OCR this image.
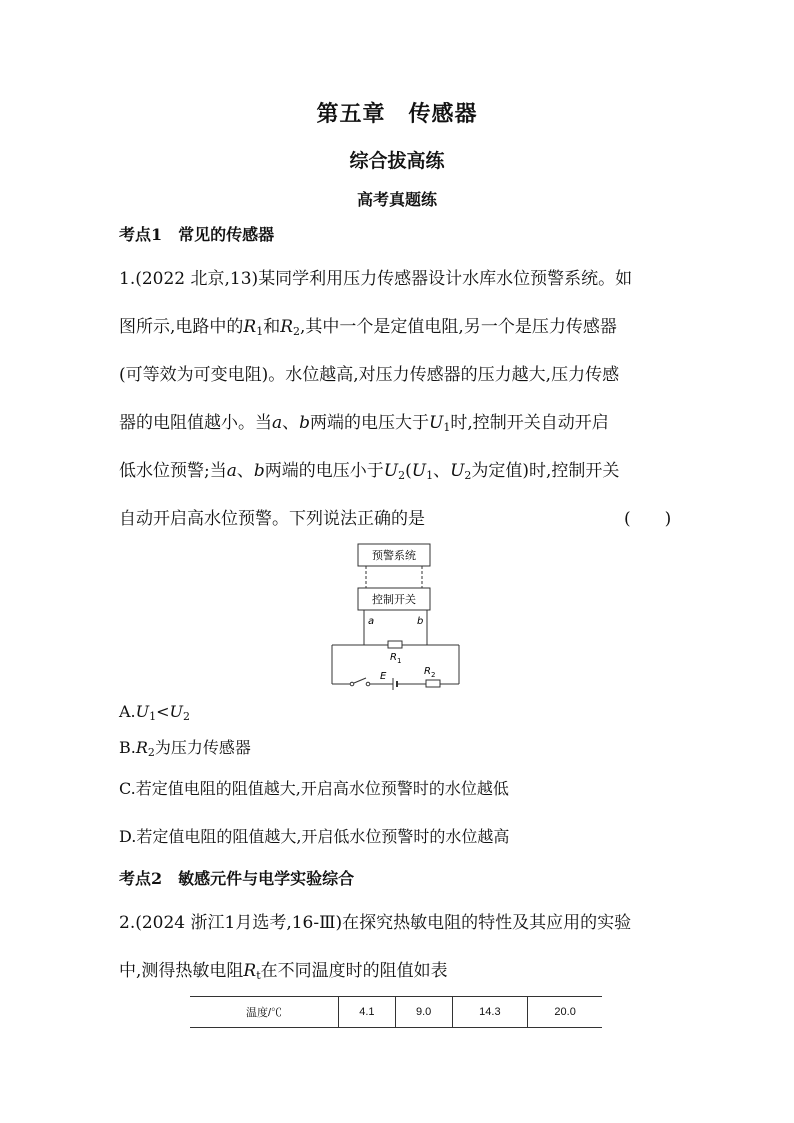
第五章　传感器
综合拔高练
高考真题练
考点1　常见的传感器
1.(2022 北京,13)某同学利用压力传感器设计水库水位预警系统。如
图所示,电路中的$R_1$和$R_2$,其中一个是定值电阻,另一个是压力传感器
(可等效为可变电阻)。水位越高,对压力传感器的压力越大,压力传感
器的电阻值越小。当a、b两端的电压大于$U_1$时,控制开关自动开启
低水位预警;当a、b两端的电压小于$U_2(U_1$、$U_2$为定值)时,控制开关
自动开启高水位预警。下列说法正确的是	(　　)
预警系统
控制开关
a	b
$R_1$
E	$R_2$
$A.U_1<U_2$
$B.R_2$为压力传感器
C.若定值电阻的阻值越大,开启高水位预警时的水位越低
D.若定值电阻的阻值越大,开启低水位预警时的水位越高
考点2　敏感元件与电学实验综合
2.(2024 浙江1月选考,16-Ⅲ)在探究热敏电阻的特性及其应用的实验
中,测得热敏电阻$R_t$在不同温度时的阻值如表
温度/℃	4.1	9.0	14.3	20.0
